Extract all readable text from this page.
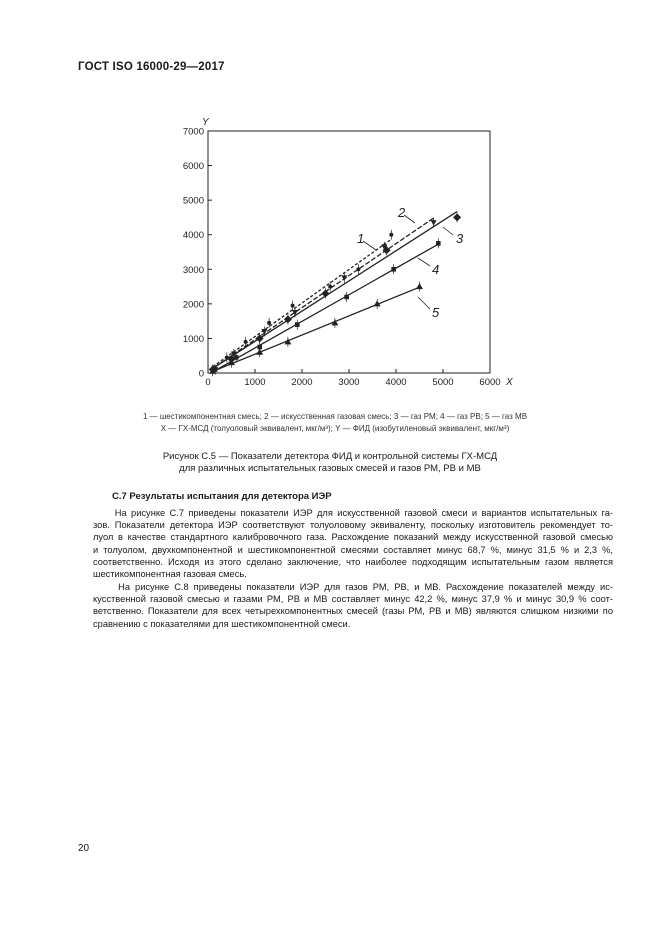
ГОСТ ISO 16000-29—2017
0	1000	2000	3000	4000	5000	6000
0
1000
2000
3000
4000
5000
6000
7000
X
Y
1
2
3
4
5
1 — шестикомпонентная смесь; 2 — искусственная газовая смесь; 3 — газ РМ; 4 — газ РВ; 5 — газ МВ
X — ГХ-МСД (толуоловый эквивалент, мкг/м³); Y — ФИД (изобутиленовый эквивалент, мкг/м³)
Рисунок С.5 — Показатели детектора ФИД и контрольной системы ГХ-МСД
для различных испытательных газовых смесей и газов РМ, РВ и МВ
С.7 Результаты испытания для детектора ИЭР
На рисунке С.7 приведены показатели ИЭР для искусственной газовой смеси и вариантов испытательных га-
зов. Показатели детектора ИЭР соответствуют толуоловому эквиваленту, поскольку изготовитель рекомендует то-
луол в качестве стандартного калибровочного газа. Расхождение показаний между искусственной газовой смесью
и толуолом, двухкомпонентной и шестикомпонентной смесями составляет минус 68,7 %, минус 31,5 % и 2,3 %,
соответственно. Исходя из этого сделано заключение, что наиболее подходящим испытательным газом является
шестикомпонентная газовая смесь.
На рисунке С.8 приведены показатели ИЭР для газов РМ, РВ, и МВ. Расхождение показателей между ис-
кусственной газовой смесью и газами РМ, РВ и МВ составляет минус 42,2 %, минус 37,9 % и минус 30,9 % соот-
ветственно. Показатели для всех четырехкомпонентных смесей (газы РМ, РВ и МВ) являются слишком низкими по
сравнению с показателями для шестикомпонентной смеси.
20
